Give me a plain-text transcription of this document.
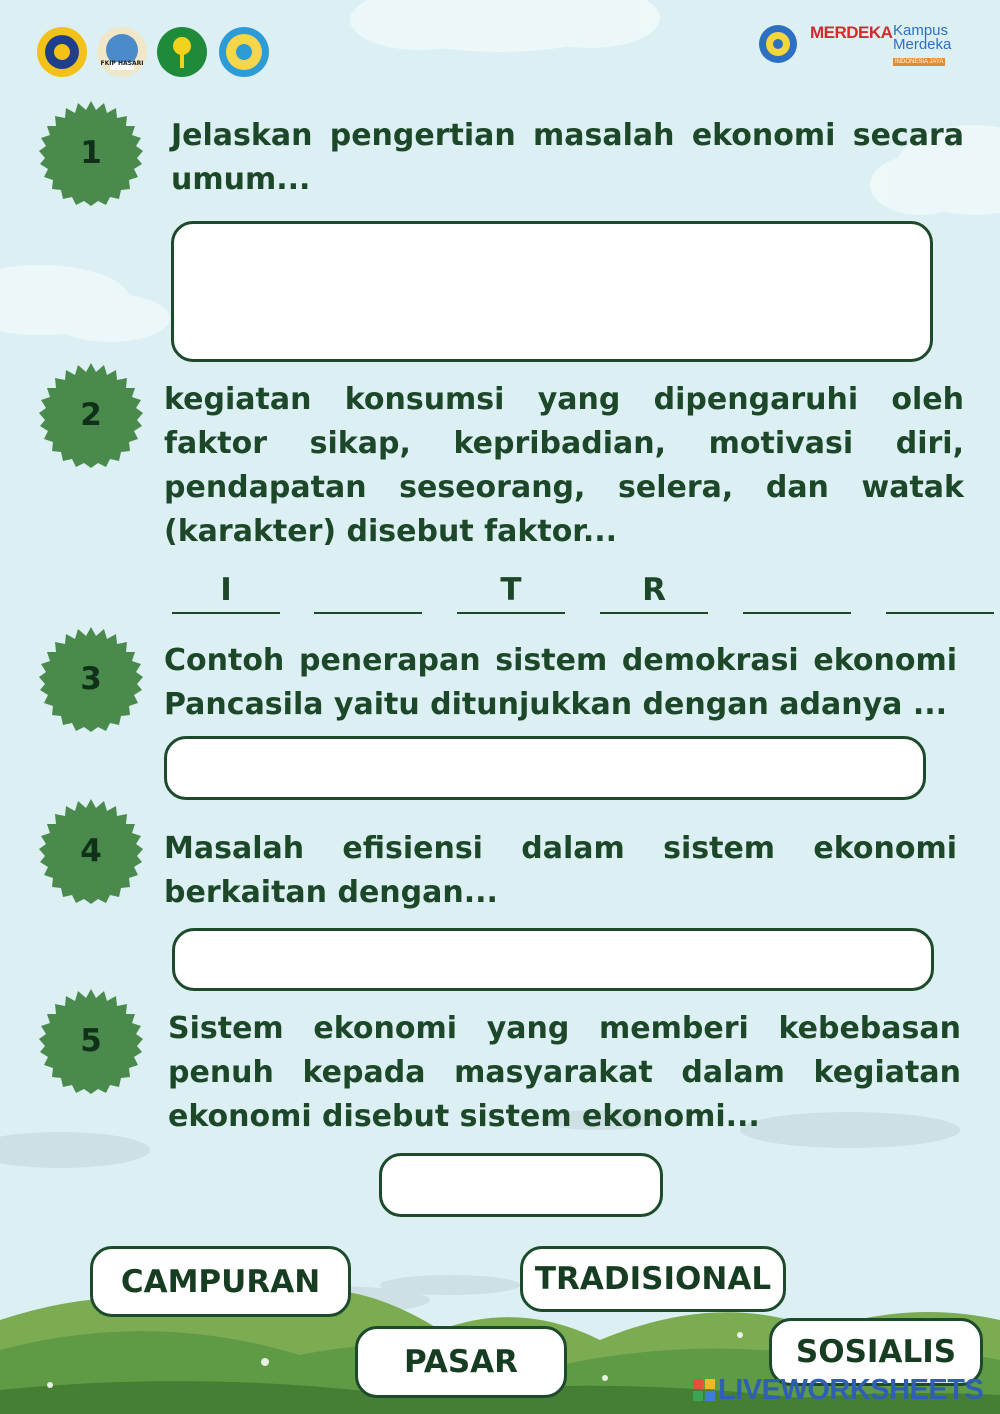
FKIP HASARI
MERDEKA Kampus
Merdeka
INDONESIA JAYA
1	Jelaskan pengertian masalah ekonomi secara umum...
2	kegiatan konsumsi yang dipengaruhi oleh faktor sikap, kepribadian, motivasi diri, pendapatan seseorang, selera, dan watak (karakter) disebut faktor...
I	T	R
3
Contoh penerapan sistem demokrasi ekonomi Pancasila yaitu ditunjukkan dengan adanya ...
4	Masalah efisiensi dalam sistem ekonomi berkaitan dengan...
5	Sistem ekonomi yang memberi kebebasan penuh kepada masyarakat dalam kegiatan ekonomi disebut sistem ekonomi...
CAMPURAN	TRADISIONAL
PASAR	SOSIALIS
LIVEWORKSHEETS
